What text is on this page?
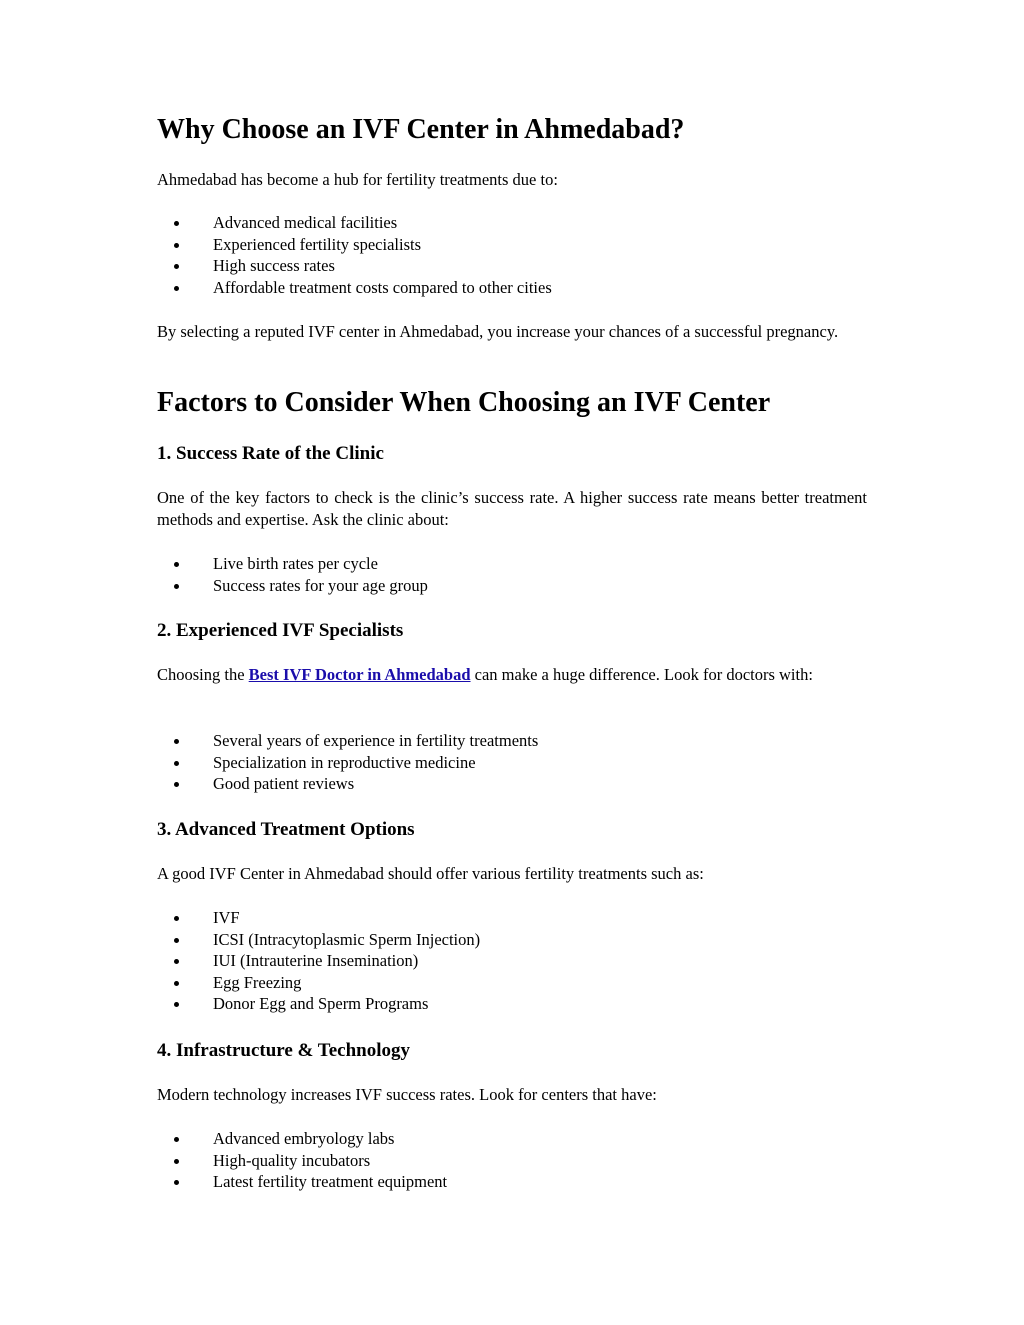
Why Choose an IVF Center in Ahmedabad?

Ahmedabad has become a hub for fertility treatments due to:

Advanced medical facilities
Experienced fertility specialists
High success rates
Affordable treatment costs compared to other cities

By selecting a reputed IVF center in Ahmedabad, you increase your chances of a successful pregnancy.

Factors to Consider When Choosing an IVF Center
1. Success Rate of the Clinic

One of the key factors to check is the clinic’s success rate. A higher success rate means better treatment methods and expertise. Ask the clinic about:

Live birth rates per cycle
Success rates for your age group
2. Experienced IVF Specialists

Choosing the Best IVF Doctor in Ahmedabad can make a huge difference. Look for doctors with:

Several years of experience in fertility treatments
Specialization in reproductive medicine
Good patient reviews
3. Advanced Treatment Options

A good IVF Center in Ahmedabad should offer various fertility treatments such as:

IVF
ICSI (Intracytoplasmic Sperm Injection)
IUI (Intrauterine Insemination)
Egg Freezing
Donor Egg and Sperm Programs
4. Infrastructure & Technology

Modern technology increases IVF success rates. Look for centers that have:

Advanced embryology labs
High-quality incubators
Latest fertility treatment equipment
